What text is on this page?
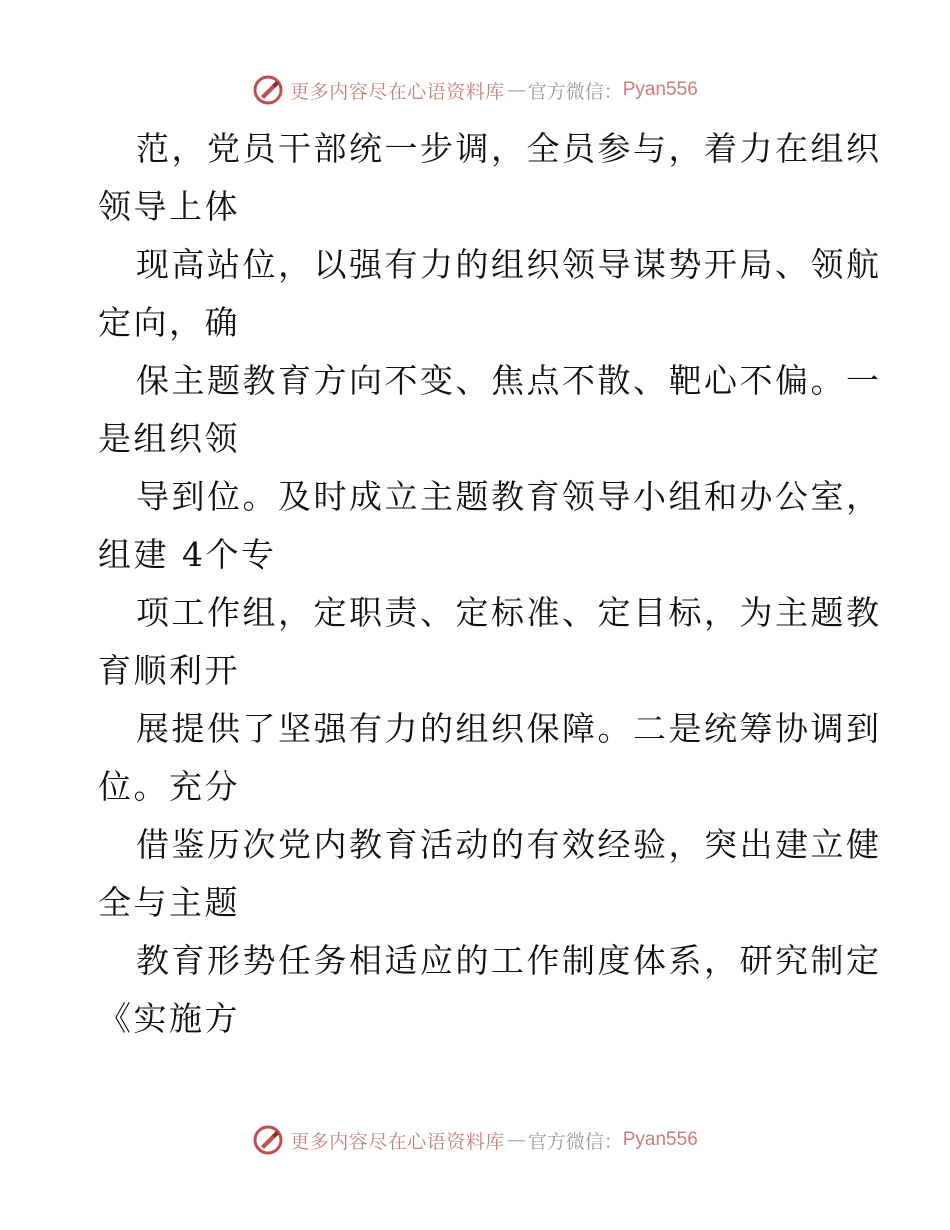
更多内容尽在心语资料库 — 官方微信： Pyan556
范，党员干部统一步调，全员参与，着力在组织
领导上体
现高站位，以强有力的组织领导谋势开局、领航
定向，确
保主题教育方向不变、焦点不散、靶心不偏。一
是组织领
导到位。及时成立主题教育领导小组和办公室，
组建 4个专
项工作组，定职责、定标准、定目标，为主题教
育顺利开
展提供了坚强有力的组织保障。二是统筹协调到
位。充分
借鉴历次党内教育活动的有效经验，突出建立健
全与主题
教育形势任务相适应的工作制度体系，研究制定
《实施方
更多内容尽在心语资料库 — 官方微信： Pyan556
